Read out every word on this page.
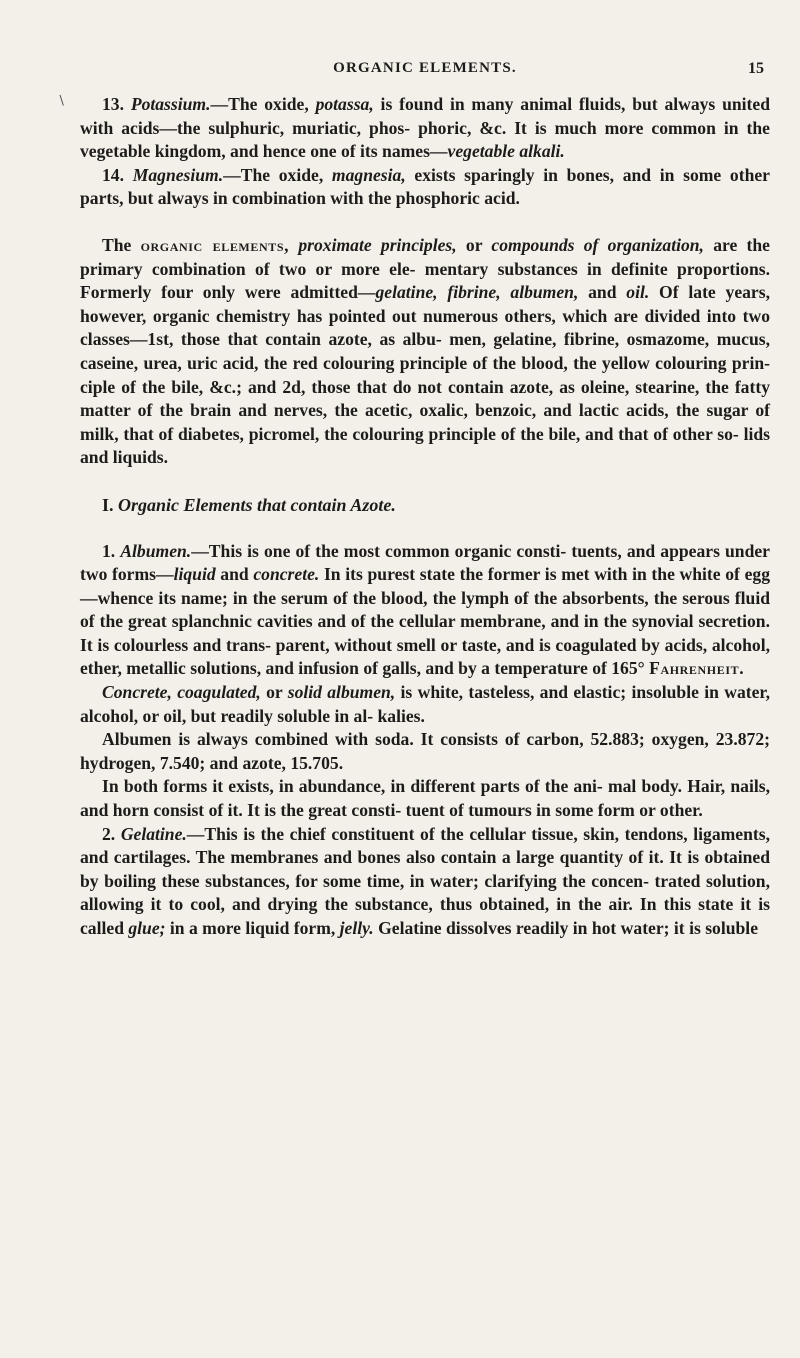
ORGANIC ELEMENTS.	15
∖	13. Potassium.—The oxide, potassa, is found in many animal fluids, but always united with acids—the sulphuric, muriatic, phos- phoric, &c. It is much more common in the vegetable kingdom, and hence one of its names—vegetable alkali.

14. Magnesium.—The oxide, magnesia, exists sparingly in bones, and in some other parts, but always in combination with the phosphoric acid.

The organic elements, proximate principles, or compounds of organization, are the primary combination of two or more ele- mentary substances in definite proportions. Formerly four only were admitted—gelatine, fibrine, albumen, and oil. Of late years, however, organic chemistry has pointed out numerous others, which are divided into two classes—1st, those that contain azote, as albu- men, gelatine, fibrine, osmazome, mucus, caseine, urea, uric acid, the red colouring principle of the blood, the yellow colouring prin- ciple of the bile, &c.; and 2d, those that do not contain azote, as oleine, stearine, the fatty matter of the brain and nerves, the acetic, oxalic, benzoic, and lactic acids, the sugar of milk, that of diabetes, picromel, the colouring principle of the bile, and that of other so- lids and liquids.

I. Organic Elements that contain Azote.

1. Albumen.—This is one of the most common organic consti- tuents, and appears under two forms—liquid and concrete. In its purest state the former is met with in the white of egg—whence its name; in the serum of the blood, the lymph of the absorbents, the serous fluid of the great splanchnic cavities and of the cellular membrane, and in the synovial secretion. It is colourless and trans- parent, without smell or taste, and is coagulated by acids, alcohol, ether, metallic solutions, and infusion of galls, and by a temperature of 165° Fahrenheit.

Concrete, coagulated, or solid albumen, is white, tasteless, and elastic; insoluble in water, alcohol, or oil, but readily soluble in al- kalies.

Albumen is always combined with soda. It consists of carbon, 52.883; oxygen, 23.872; hydrogen, 7.540; and azote, 15.705.

In both forms it exists, in abundance, in different parts of the ani- mal body. Hair, nails, and horn consist of it. It is the great consti- tuent of tumours in some form or other.

2. Gelatine.—This is the chief constituent of the cellular tissue, skin, tendons, ligaments, and cartilages. The membranes and bones also contain a large quantity of it. It is obtained by boiling these substances, for some time, in water; clarifying the concen- trated solution, allowing it to cool, and drying the substance, thus obtained, in the air. In this state it is called glue; in a more liquid form, jelly. Gelatine dissolves readily in hot water; it is soluble
